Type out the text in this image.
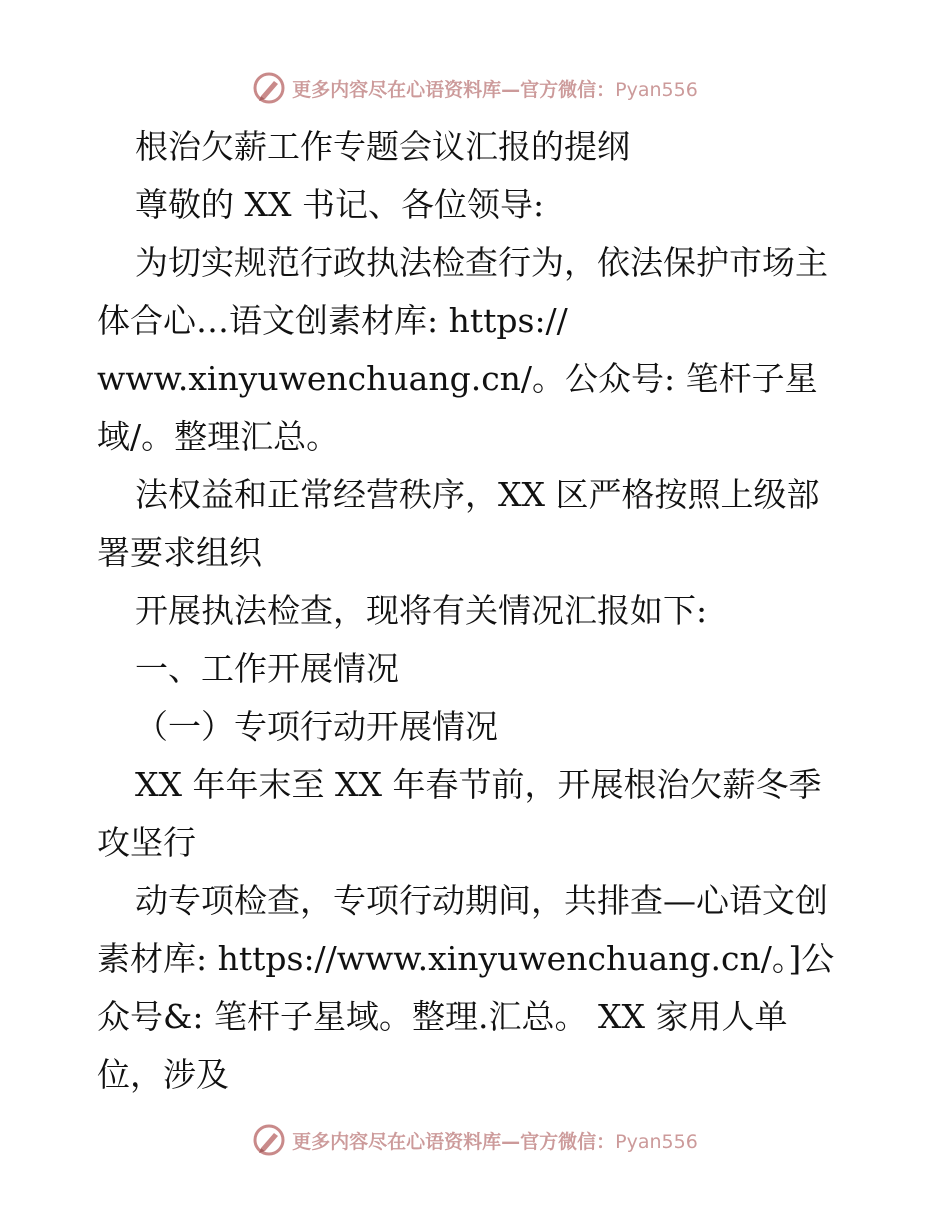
更多内容尽在心语资料库—官方微信：Pyan556
根治欠薪工作专题会议汇报的提纲
尊敬的 XX 书记、各位领导:
为切实规范行政执法检查行为，依法保护市场主
体合心…语文创素材库: https://
www.xinyuwenchuang.cn/。公众号: 笔杆子星
域/。整理汇总。
法权益和正常经营秩序，XX 区严格按照上级部
署要求组织
开展执法检查，现将有关情况汇报如下:
一、工作开展情况
（一）专项行动开展情况
XX 年年末至 XX 年春节前，开展根治欠薪冬季
攻坚行
动专项检查，专项行动期间，共排查—心语文创
素材库: https://www.xinyuwenchuang.cn/。]公
众号&: 笔杆子星域。整理.汇总。 XX 家用人单
位，涉及
更多内容尽在心语资料库—官方微信：Pyan556
